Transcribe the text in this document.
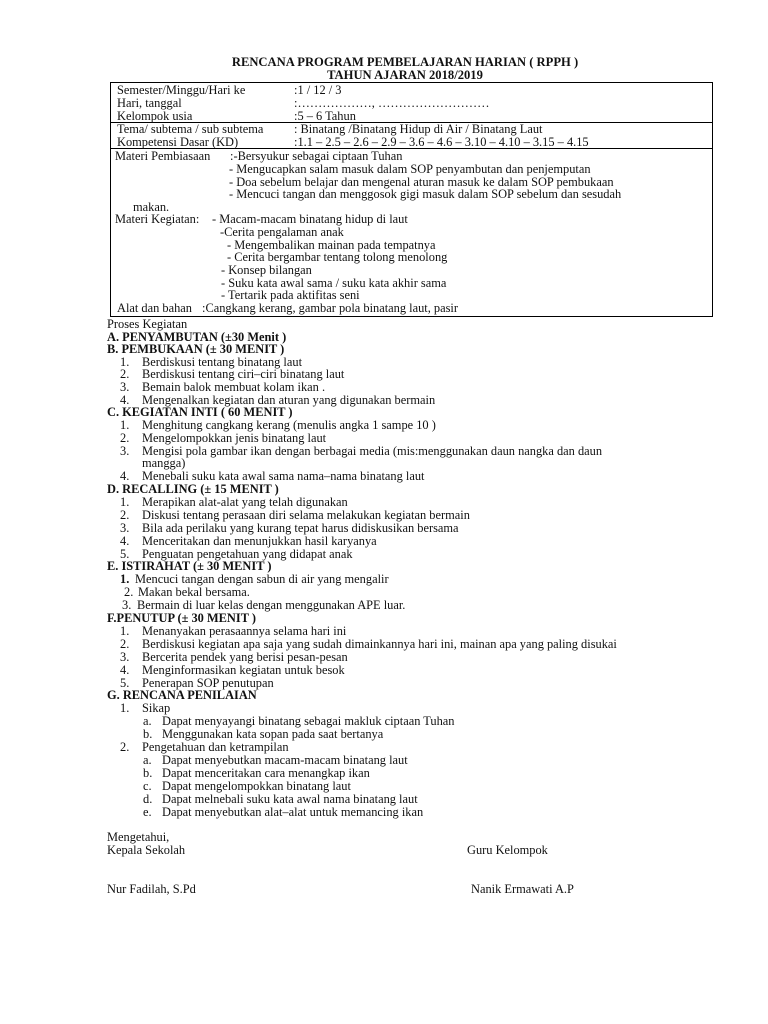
RENCANA PROGRAM PEMBELAJARAN HARIAN ( RPPH )
TAHUN AJARAN 2018/2019
Semester/Minggu/Hari ke	:1 / 12 / 3
Hari, tanggal	:………………, ………………………
Kelompok usia	:5 – 6 Tahun
Tema/ subtema / sub subtema : Binatang /Binatang Hidup di Air / Binatang Laut
Kompetensi Dasar (KD)	:1.1 – 2.5 – 2.6 – 2.9 – 3.6 – 4.6 – 3.10 – 4.10 – 3.15 – 4.15
Materi Pembiasaan :-Bersyukur sebagai ciptaan Tuhan
- Mengucapkan salam masuk dalam SOP penyambutan dan penjemputan
- Doa sebelum belajar dan mengenal aturan masuk ke dalam SOP pembukaan
- Mencuci tangan dan menggosok gigi masuk dalam SOP sebelum dan sesudah
makan.
Materi Kegiatan: - Macam-macam binatang hidup di laut
-Cerita pengalaman anak
- Mengembalikan mainan pada tempatnya
- Cerita bergambar tentang tolong menolong
- Konsep bilangan
- Suku kata awal sama / suku kata akhir sama
- Tertarik pada aktifitas seni
Alat dan bahan :Cangkang kerang, gambar pola binatang laut, pasir
Proses Kegiatan
A. PENYAMBUTAN (±30 Menit )
B. PEMBUKAAN (± 30 MENIT )
1. Berdiskusi tentang binatang laut
2. Berdiskusi tentang ciri–ciri binatang laut
3. Bemain balok membuat kolam ikan .
4. Mengenalkan kegiatan dan aturan yang digunakan bermain
C. KEGIATAN INTI ( 60 MENIT )
1. Menghitung cangkang kerang (menulis angka 1 sampe 10 )
2. Mengelompokkan jenis binatang laut
3. Mengisi pola gambar ikan dengan berbagai media (mis:menggunakan daun nangka dan daun
mangga)
4. Menebali suku kata awal sama nama–nama binatang laut
D. RECALLING (± 15 MENIT )
1. Merapikan alat-alat yang telah digunakan
2. Diskusi tentang perasaan diri selama melakukan kegiatan bermain
3. Bila ada perilaku yang kurang tepat harus didiskusikan bersama
4. Menceritakan dan menunjukkan hasil karyanya
5. Penguatan pengetahuan yang didapat anak
E. ISTIRAHAT (± 30 MENIT )
1. Mencuci tangan dengan sabun di air yang mengalir
2. Makan bekal bersama.
3. Bermain di luar kelas dengan menggunakan APE luar.
F.PENUTUP (± 30 MENIT )
1. Menanyakan perasaannya selama hari ini
2. Berdiskusi kegiatan apa saja yang sudah dimainkannya hari ini, mainan apa yang paling disukai
3. Bercerita pendek yang berisi pesan-pesan
4. Menginformasikan kegiatan untuk besok
5. Penerapan SOP penutupan
G. RENCANA PENILAIAN
1. Sikap
a. Dapat menyayangi binatang sebagai makluk ciptaan Tuhan
b. Menggunakan kata sopan pada saat bertanya
2. Pengetahuan dan ketrampilan
a. Dapat menyebutkan macam-macam binatang laut
b. Dapat menceritakan cara menangkap ikan
c. Dapat mengelompokkan binatang laut
d. Dapat melnebali suku kata awal nama binatang laut
e. Dapat menyebutkan alat–alat untuk memancing ikan
Mengetahui,
Kepala Sekolah	Guru Kelompok
Nur Fadilah, S.Pd	Nanik Ermawati A.P
